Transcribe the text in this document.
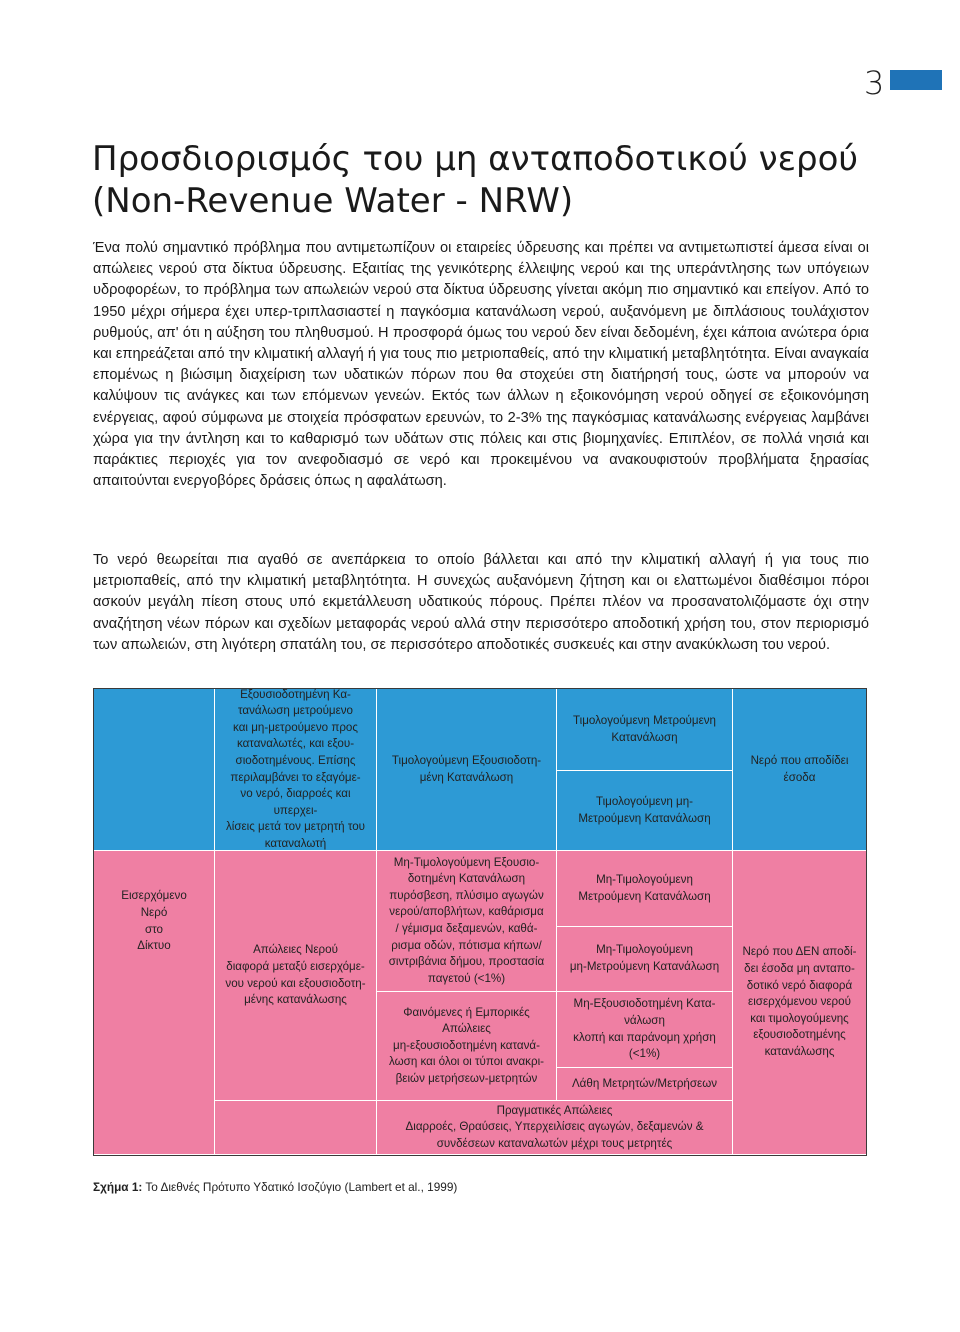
3
Προσδιορισμός του μη ανταποδοτικού νερού
(Non-Revenue Water - NRW)

Ένα πολύ σημαντικό πρόβλημα που αντιμετωπίζουν οι εταιρείες ύδρευσης και πρέπει να αντιμετωπιστεί άμεσα είναι οι απώλειες νερού στα δίκτυα ύδρευσης. Εξαιτίας της γενικότερης έλλειψης νερού και της υπεράντλησης των υπόγειων υδροφορέων, το πρόβλημα των απωλειών νερού στα δίκτυα ύδρευσης γίνεται ακόμη πιο σημαντικό και επείγον. Από το 1950 μέχρι σήμερα έχει υπερ-τριπλασιαστεί η παγκόσμια κατανάλωση νερού, αυξανόμενη με διπλάσιους τουλάχιστον ρυθμούς, απ' ότι η αύξηση του πληθυσμού. Η προσφορά όμως του νερού δεν είναι δεδομένη, έχει κάποια ανώτερα όρια και επηρεάζεται από την κλιματική αλλαγή ή για τους πιο μετριοπαθείς, από την κλιματική μεταβλητότητα. Είναι αναγκαία επομένως η βιώσιμη διαχείριση των υδατικών πόρων που θα στοχεύει στη διατήρησή τους, ώστε να μπορούν να καλύψουν τις ανάγκες και των επόμενων γενεών. Εκτός των άλλων η εξοικονόμηση νερού οδηγεί σε εξοικονόμηση ενέργειας, αφού σύμφωνα με στοιχεία πρόσφατων ερευνών, το 2-3% της παγκόσμιας κατανάλωσης ενέργειας λαμβάνει χώρα για την άντληση και το καθαρισμό των υδάτων στις πόλεις και στις βιομηχανίες. Επιπλέον, σε πολλά νησιά και παράκτιες περιοχές για τον ανεφοδιασμό σε νερό και προκειμένου να ανακουφιστούν προβλήματα ξηρασίας απαιτούνται ενεργοβόρες δράσεις όπως η αφαλάτωση.

Το νερό θεωρείται πια αγαθό σε ανεπάρκεια το οποίο βάλλεται και από την κλιματική αλλαγή ή για τους πιο μετριοπαθείς, από την κλιματική μεταβλητότητα. Η συνεχώς αυξανόμενη ζήτηση και οι ελαττωμένοι διαθέσιμοι πόροι ασκούν μεγάλη πίεση στους υπό εκμετάλλευση υδατικούς πόρους. Πρέπει πλέον να προσανατολιζόμαστε όχι στην αναζήτηση νέων πόρων και σχεδίων μεταφοράς νερού αλλά στην περισσότερο αποδοτική χρήση του, στον περιορισμό των απωλειών, στη λιγότερη σπατάλη του, σε περισσότερο αποδοτικές συσκευές και στην ανακύκλωση του νερού.

Εισερχόμενο
Νερό
στο
Δίκτυο
Εξουσιοδοτημένη Κα-
τανάλωση μετρούμενο
και μη-μετρούμενο προς
καταναλωτές, και εξου-
σιοδοτημένους. Επίσης
περιλαμβάνει το εξαγόμε-
νο νερό, διαρροές και υπερχει-
λίσεις μετά τον μετρητή του
καταναλωτή
Απώλειες Νερού
διαφορά μεταξύ εισερχόμε-
νου νερού και εξουσιοδοτη-
μένης κατανάλωσης
Τιμολογούμενη Εξουσιοδοτη-
μένη Κατανάλωση
Μη-Τιμολογούμενη Εξουσιο-
δοτημένη Κατανάλωση
πυρόσβεση, πλύσιμο αγωγών
νερού/αποβλήτων, καθάρισμα
/ γέμισμα δεξαμενών, καθά-
ρισμα οδών, πότισμα κήπων/
σιντριβάνια δήμου, προστασία
παγετού (<1%)
Φαινόμενες ή Εμπορικές
Απώλειες
μη-εξουσιοδοτημένη κατανά-
λωση και όλοι οι τύποι ανακρι-
βειών μετρήσεων-μετρητών
Τιμολογούμενη Μετρούμενη
Κατανάλωση
Τιμολογούμενη μη-
Μετρούμενη Κατανάλωση
Μη-Τιμολογούμενη
Μετρούμενη Κατανάλωση
Μη-Τιμολογούμενη
μη-Μετρούμενη Κατανάλωση
Μη-Εξουσιοδοτημένη Κατα-
νάλωση
κλοπή και παράνομη χρήση
(<1%)
Λάθη Μετρητών/Μετρήσεων
Πραγματικές Απώλειες
Διαρροές, Θραύσεις, Υπερχειλίσεις αγωγών, δεξαμενών &
συνδέσεων καταναλωτών μέχρι τους μετρητές
Νερό που αποδίδει
έσοδα
Νερό που ΔΕΝ αποδί-
δει έσοδα μη ανταπο-
δοτικό νερό διαφορά
εισερχόμενου νερού
και τιμολογούμενης
εξουσιοδοτημένης
κατανάλωσης
Σχήμα 1: Το Διεθνές Πρότυπο Υδατικό Ισοζύγιο (Lambert et al., 1999)
